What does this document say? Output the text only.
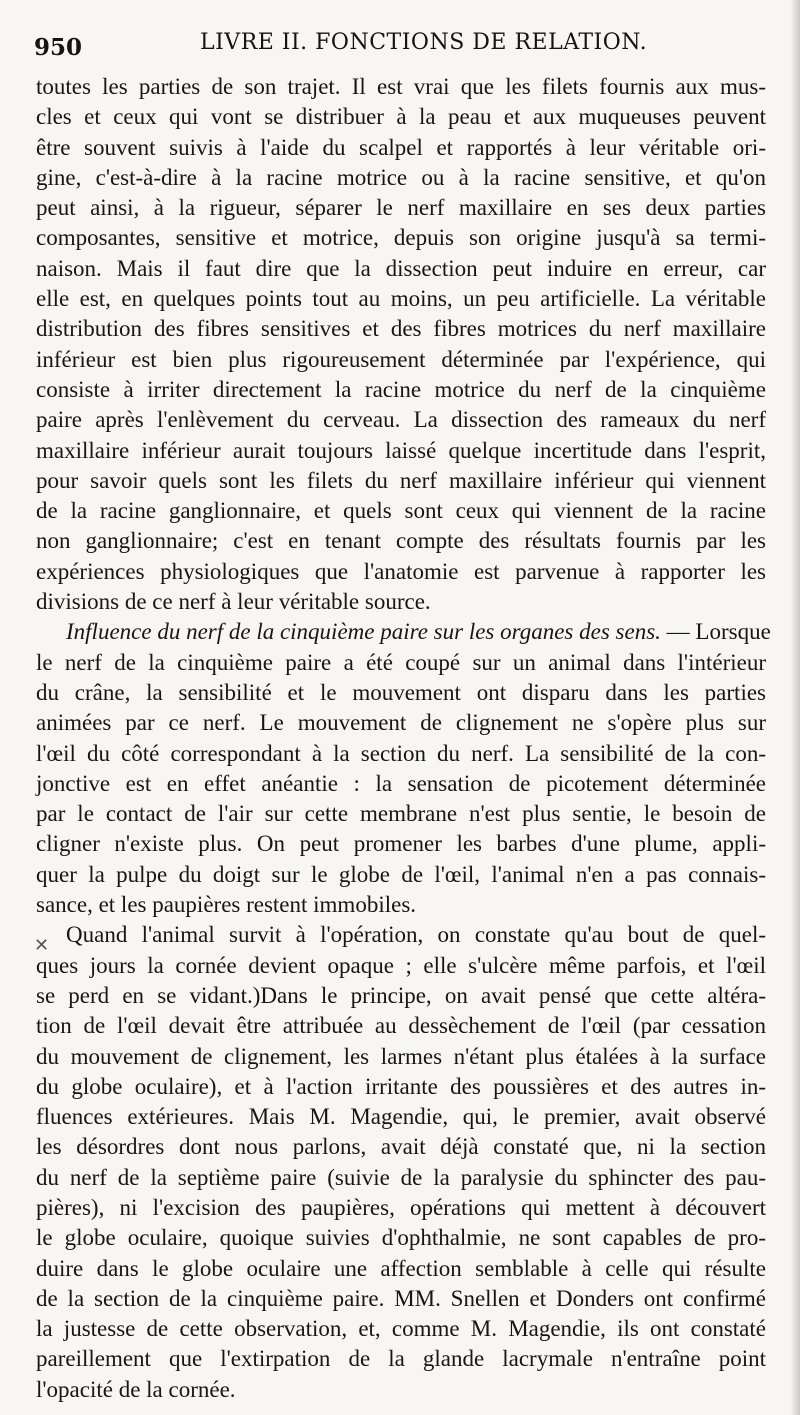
950	LIVRE II. FONCTIONS DE RELATION.
✕

toutes les parties de son trajet. Il est vrai que les filets fournis aux mus-
cles et ceux qui vont se distribuer à la peau et aux muqueuses peuvent
être souvent suivis à l'aide du scalpel et rapportés à leur véritable ori-
gine, c'est-à-dire à la racine motrice ou à la racine sensitive, et qu'on
peut ainsi, à la rigueur, séparer le nerf maxillaire en ses deux parties
composantes, sensitive et motrice, depuis son origine jusqu'à sa termi-
naison. Mais il faut dire que la dissection peut induire en erreur, car
elle est, en quelques points tout au moins, un peu artificielle. La véritable
distribution des fibres sensitives et des fibres motrices du nerf maxillaire
inférieur est bien plus rigoureusement déterminée par l'expérience, qui
consiste à irriter directement la racine motrice du nerf de la cinquième
paire après l'enlèvement du cerveau. La dissection des rameaux du nerf
maxillaire inférieur aurait toujours laissé quelque incertitude dans l'esprit,
pour savoir quels sont les filets du nerf maxillaire inférieur qui viennent
de la racine ganglionnaire, et quels sont ceux qui viennent de la racine
non ganglionnaire; c'est en tenant compte des résultats fournis par les
expériences physiologiques que l'anatomie est parvenue à rapporter les
divisions de ce nerf à leur véritable source.

Influence du nerf de la cinquième paire sur les organes des sens. — Lorsque
le nerf de la cinquième paire a été coupé sur un animal dans l'intérieur
du crâne, la sensibilité et le mouvement ont disparu dans les parties
animées par ce nerf. Le mouvement de clignement ne s'opère plus sur
l'œil du côté correspondant à la section du nerf. La sensibilité de la con-
jonctive est en effet anéantie : la sensation de picotement déterminée
par le contact de l'air sur cette membrane n'est plus sentie, le besoin de
cligner n'existe plus. On peut promener les barbes d'une plume, appli-
quer la pulpe du doigt sur le globe de l'œil, l'animal n'en a pas connais-
sance, et les paupières restent immobiles.

Quand l'animal survit à l'opération, on constate qu'au bout de quel-
ques jours la cornée devient opaque ; elle s'ulcère même parfois, et l'œil
se perd en se vidant.)Dans le principe, on avait pensé que cette altéra-
tion de l'œil devait être attribuée au dessèchement de l'œil (par cessation
du mouvement de clignement, les larmes n'étant plus étalées à la surface
du globe oculaire), et à l'action irritante des poussières et des autres in-
fluences extérieures. Mais M. Magendie, qui, le premier, avait observé
les désordres dont nous parlons, avait déjà constaté que, ni la section
du nerf de la septième paire (suivie de la paralysie du sphincter des pau-
pières), ni l'excision des paupières, opérations qui mettent à découvert
le globe oculaire, quoique suivies d'ophthalmie, ne sont capables de pro-
duire dans le globe oculaire une affection semblable à celle qui résulte
de la section de la cinquième paire. MM. Snellen et Donders ont confirmé
la justesse de cette observation, et, comme M. Magendie, ils ont constaté
pareillement que l'extirpation de la glande lacrymale n'entraîne point
l'opacité de la cornée.
